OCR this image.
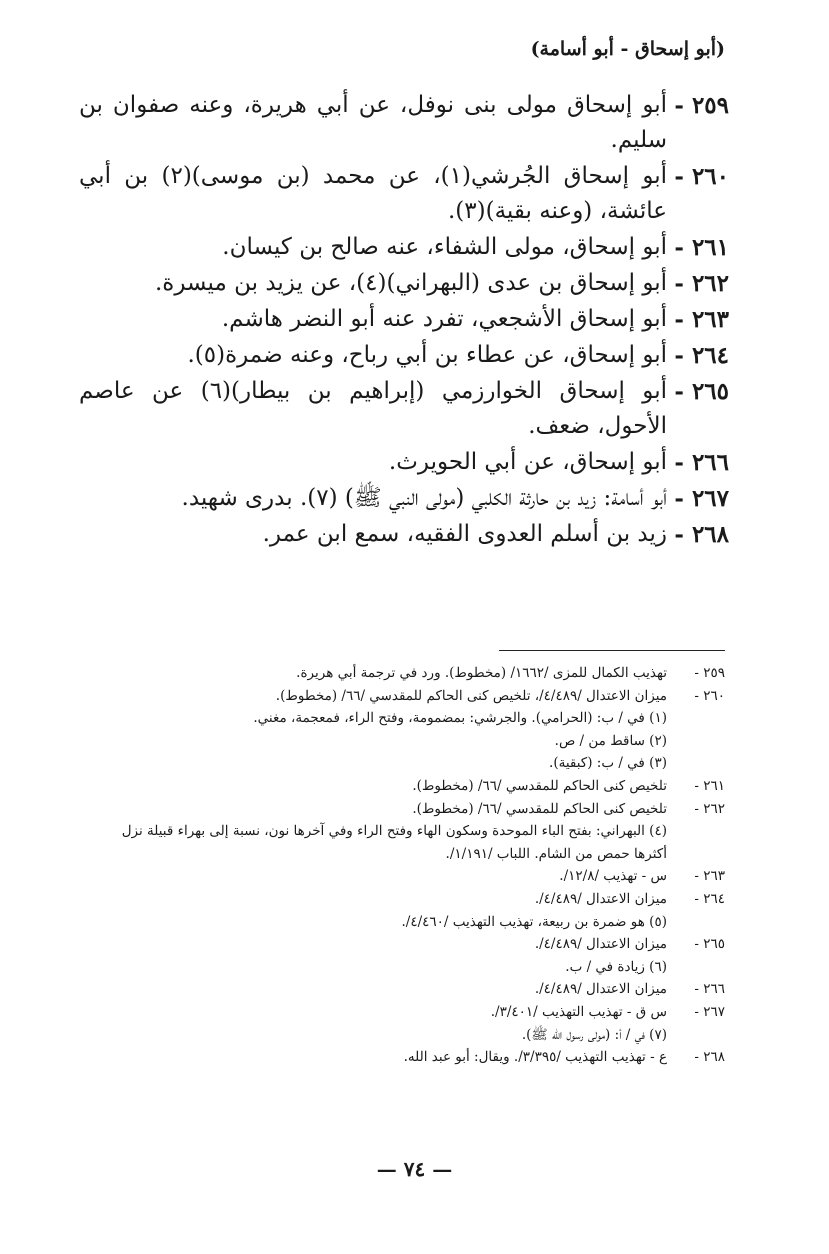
(أبو إسحاق - أبو أسامة)
٢٥٩ -
أبو إسحاق مولى بنى نوفل، عن أبي هريرة، وعنه صفوان بن سليم.
٢٦٠ -
أبو إسحاق الجُرشي(١)، عن محمد (بن موسى)(٢) بن أبي عائشة، (وعنه بقية)(٣).
٢٦١ -
أبو إسحاق، مولى الشفاء، عنه صالح بن كيسان.
٢٦٢ -
أبو إسحاق بن عدى (البهراني)(٤)، عن يزيد بن ميسرة.
٢٦٣ -
أبو إسحاق الأشجعي، تفرد عنه أبو النضر هاشم.
٢٦٤ -
أبو إسحاق، عن عطاء بن أبي رباح، وعنه ضمرة(٥).
٢٦٥ -
أبو إسحاق الخوارزمي (إبراهيم بن بيطار)(٦) عن عاصم الأحول، ضعف.
٢٦٦ -
أبو إسحاق، عن أبي الحويرث.
٢٦٧ -
أبو أسامة: زيد بن حارثة الكلبي (مولى النبي ﷺ) (٧). بدرى شهيد.
٢٦٨ -
زيد بن أسلم العدوى الفقيه، سمع ابن عمر.
٢٥٩ -
تهذيب الكمال للمزى /١٦٦٢/ (مخطوط). ورد في ترجمة أبي هريرة.
٢٦٠ -
ميزان الاعتدال /٤/٤٨٩/، تلخيص كنى الحاكم للمقدسي /٦٦/ (مخطوط).
(١) في / ب: (الحرامي). والجرشي: بمضمومة، وفتح الراء، فمعجمة، مغني.
(٢) ساقط من / ص.
(٣) في / ب: (كبقية).
٢٦١ -
تلخيص كنى الحاكم للمقدسي /٦٦/ (مخطوط).
٢٦٢ -
تلخيص كنى الحاكم للمقدسي /٦٦/ (مخطوط).
(٤) البهراني: بفتح الباء الموحدة وسكون الهاء وفتح الراء وفي آخرها نون، نسبة إلى بهراء قبيلة نزل أكثرها حمص من الشام. اللباب /١/١٩١/.
٢٦٣ -
س - تهذيب /١٢/٨/.
٢٦٤ -
ميزان الاعتدال /٤/٤٨٩/.
(٥) هو ضمرة بن ربيعة، تهذيب التهذيب /٤/٤٦٠/.
٢٦٥ -
ميزان الاعتدال /٤/٤٨٩/.
(٦) زيادة في / ب.
٢٦٦ -
ميزان الاعتدال /٤/٤٨٩/.
٢٦٧ -
س ق - تهذيب التهذيب /٣/٤٠١/.
(٧) في / أ: (مولى رسول الله ﷺ).
٢٦٨ -
ع - تهذيب التهذيب /٣/٣٩٥/. ويقال: أبو عبد الله.
— ٧٤ —
